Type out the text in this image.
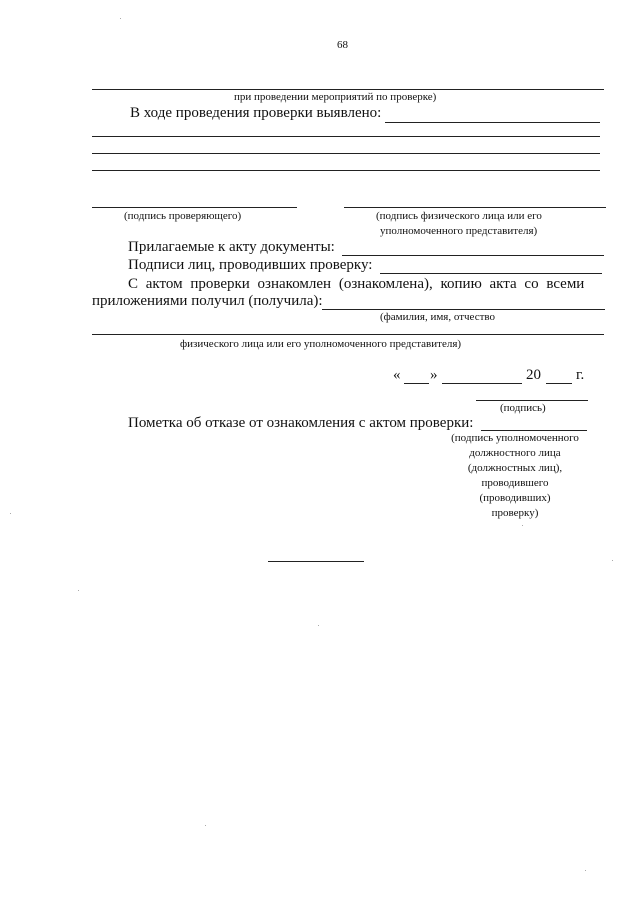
68
при проведении мероприятий по проверке)
В ходе проведения проверки выявлено:
(подпись проверяющего)	(подпись физического лица или его
уполномоченного представителя)
Прилагаемые к акту документы:
Подписи лиц, проводивших проверку:
С актом проверки ознакомлен (ознакомлена), копию акта со всеми
приложениями получил (получила):
(фамилия, имя, отчество
физического лица или его уполномоченного представителя)
« »	20 г.
(подпись)
Пометка об отказе от ознакомления с актом проверки:
(подпись уполномоченного
должностного лица
(должностных лиц),
проводившего
(проводивших)
проверку)
